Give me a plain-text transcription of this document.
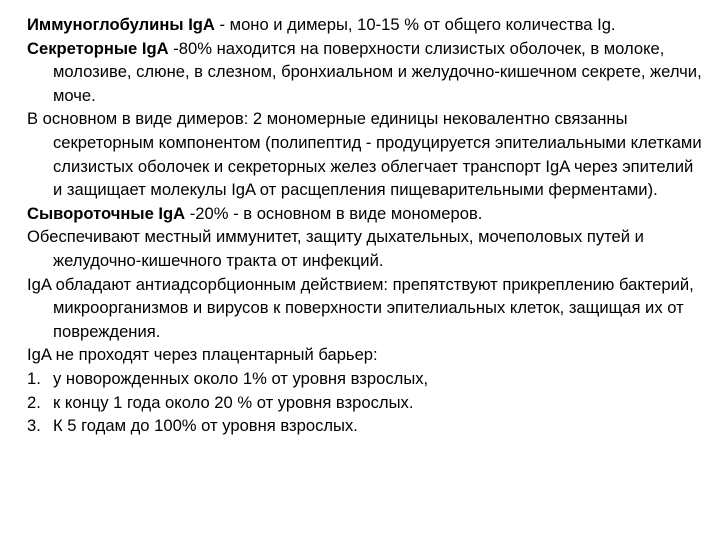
Иммуноглобулины IgA - моно и димеры, 10-15 % от общего количества Ig.

Секреторные IgA -80% находится на поверхности слизистых оболочек, в молоке, молозиве, слюне, в слезном, бронхиальном и желудочно-кишечном секрете, желчи, моче.

В основном в виде димеров: 2 мономерные единицы нековалентно связанны секреторным компонентом (полипептид - продуцируется эпителиальными клетками слизистых оболочек и секреторных желез облегчает транспорт IgA через эпителий и защищает молекулы IgA от расщепления пищеварительными ферментами).

Сывороточные IgA -20% - в основном в виде мономеров.

Обеспечивают местный иммунитет, защиту дыхательных, мочеполовых путей и желудочно-кишечного тракта от инфекций.

IgA обладают антиадсорбционным действием: препятствуют прикреплению бактерий, микроорганизмов и вирусов к поверхности эпителиальных клеток, защищая их от повреждения.

IgA не проходят через плацентарный барьер:

1. у новорожденных около 1% от уровня взрослых,

2. к концу 1 года около 20 % от уровня взрослых.

3. К 5 годам до 100% от уровня взрослых.
